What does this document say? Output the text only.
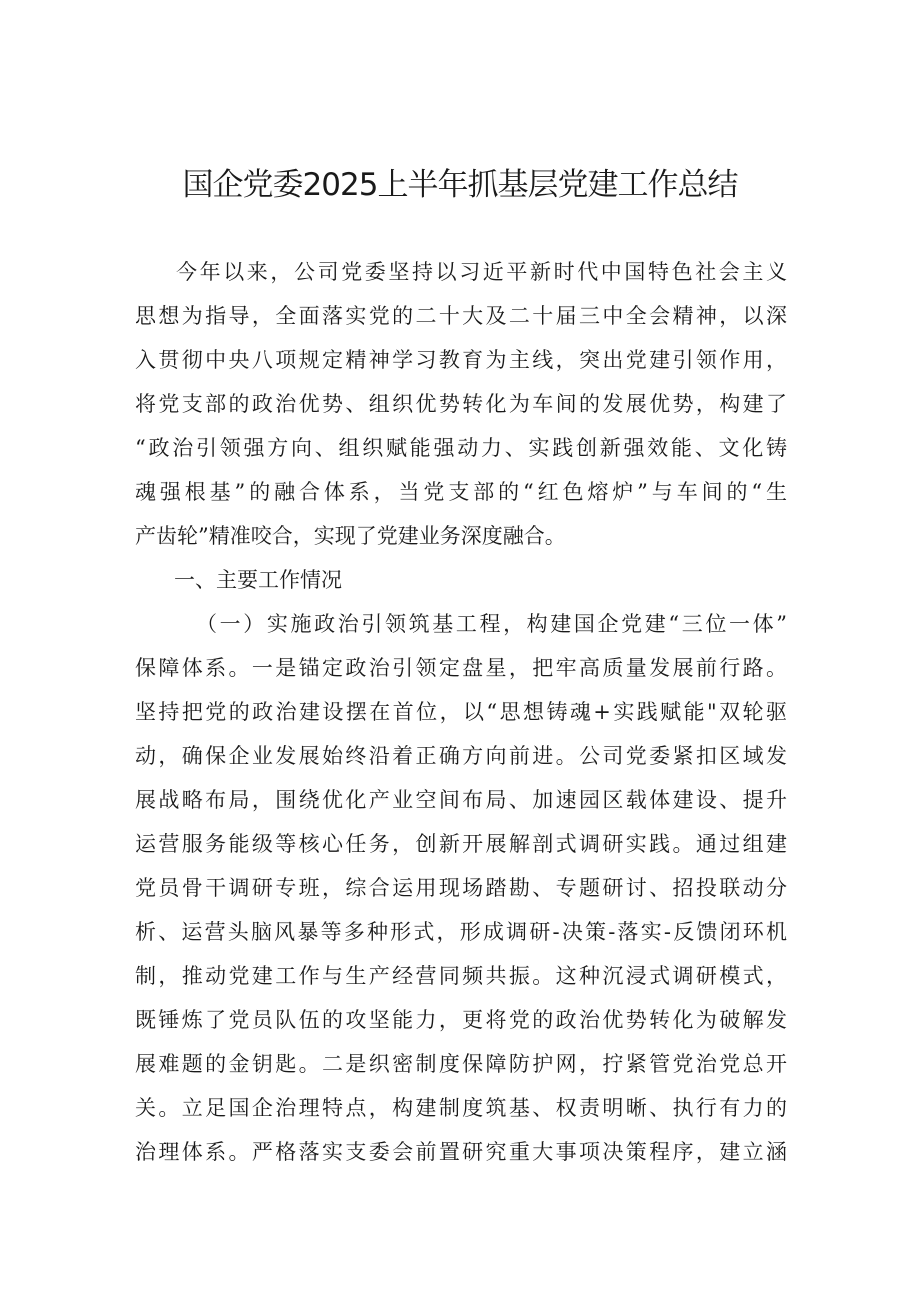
国企党委2025上半年抓基层党建工作总结
今年以来，公司党委坚持以习近平新时代中国特色社会主义
思想为指导，全面落实党的二十大及二十届三中全会精神，以深
入贯彻中央八项规定精神学习教育为主线，突出党建引领作用，
将党支部的政治优势、组织优势转化为车间的发展优势，构建了
“政治引领强方向、组织赋能强动力、实践创新强效能、文化铸
魂强根基”的融合体系，当党支部的“红色熔炉”与车间的“生
产齿轮”精准咬合，实现了党建业务深度融合。
一、主要工作情况
（一）实施政治引领筑基工程，构建国企党建“三位一体”
保障体系。一是锚定政治引领定盘星，把牢高质量发展前行路。
坚持把党的政治建设摆在首位，以“思想铸魂+实践赋能"双轮驱
动，确保企业发展始终沿着正确方向前进。公司党委紧扣区域发
展战略布局，围绕优化产业空间布局、加速园区载体建设、提升
运营服务能级等核心任务，创新开展解剖式调研实践。通过组建
党员骨干调研专班，综合运用现场踏勘、专题研讨、招投联动分
析、运营头脑风暴等多种形式，形成调研-决策-落实-反馈闭环机
制，推动党建工作与生产经营同频共振。这种沉浸式调研模式，
既锤炼了党员队伍的攻坚能力，更将党的政治优势转化为破解发
展难题的金钥匙。二是织密制度保障防护网，拧紧管党治党总开
关。立足国企治理特点，构建制度筑基、权责明晰、执行有力的
治理体系。严格落实支委会前置研究重大事项决策程序，建立涵
